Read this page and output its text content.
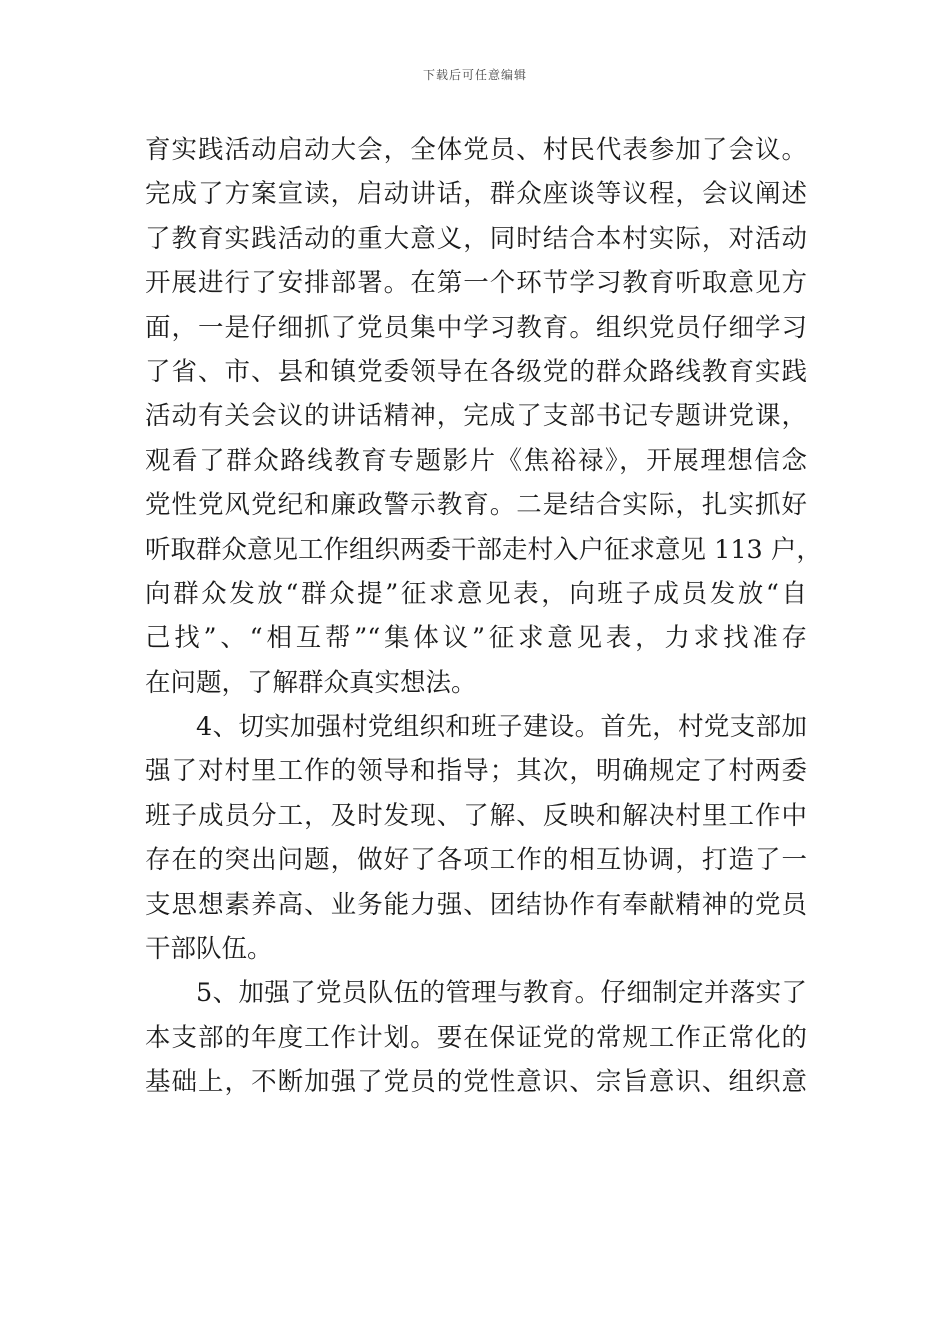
下载后可任意编辑
育实践活动启动大会，全体党员、村民代表参加了会议。
完成了方案宣读，启动讲话，群众座谈等议程，会议阐述
了教育实践活动的重大意义，同时结合本村实际，对活动
开展进行了安排部署。在第一个环节学习教育听取意见方
面，一是仔细抓了党员集中学习教育。组织党员仔细学习
了省、市、县和镇党委领导在各级党的群众路线教育实践
活动有关会议的讲话精神，完成了支部书记专题讲党课，
观看了群众路线教育专题影片《焦裕禄》，开展理想信念
党性党风党纪和廉政警示教育。二是结合实际，扎实抓好
听取群众意见工作组织两委干部走村入户征求意见 113 户，
向群众发放“群众提”征求意见表，向班子成员发放“自
己找”、“相互帮”“集体议”征求意见表，力求找准存
在问题，了解群众真实想法。
4、切实加强村党组织和班子建设。首先，村党支部加
强了对村里工作的领导和指导；其次，明确规定了村两委
班子成员分工，及时发现、了解、反映和解决村里工作中
存在的突出问题，做好了各项工作的相互协调，打造了一
支思想素养高、业务能力强、团结协作有奉献精神的党员
干部队伍。
5、加强了党员队伍的管理与教育。仔细制定并落实了
本支部的年度工作计划。要在保证党的常规工作正常化的
基础上，不断加强了党员的党性意识、宗旨意识、组织意
